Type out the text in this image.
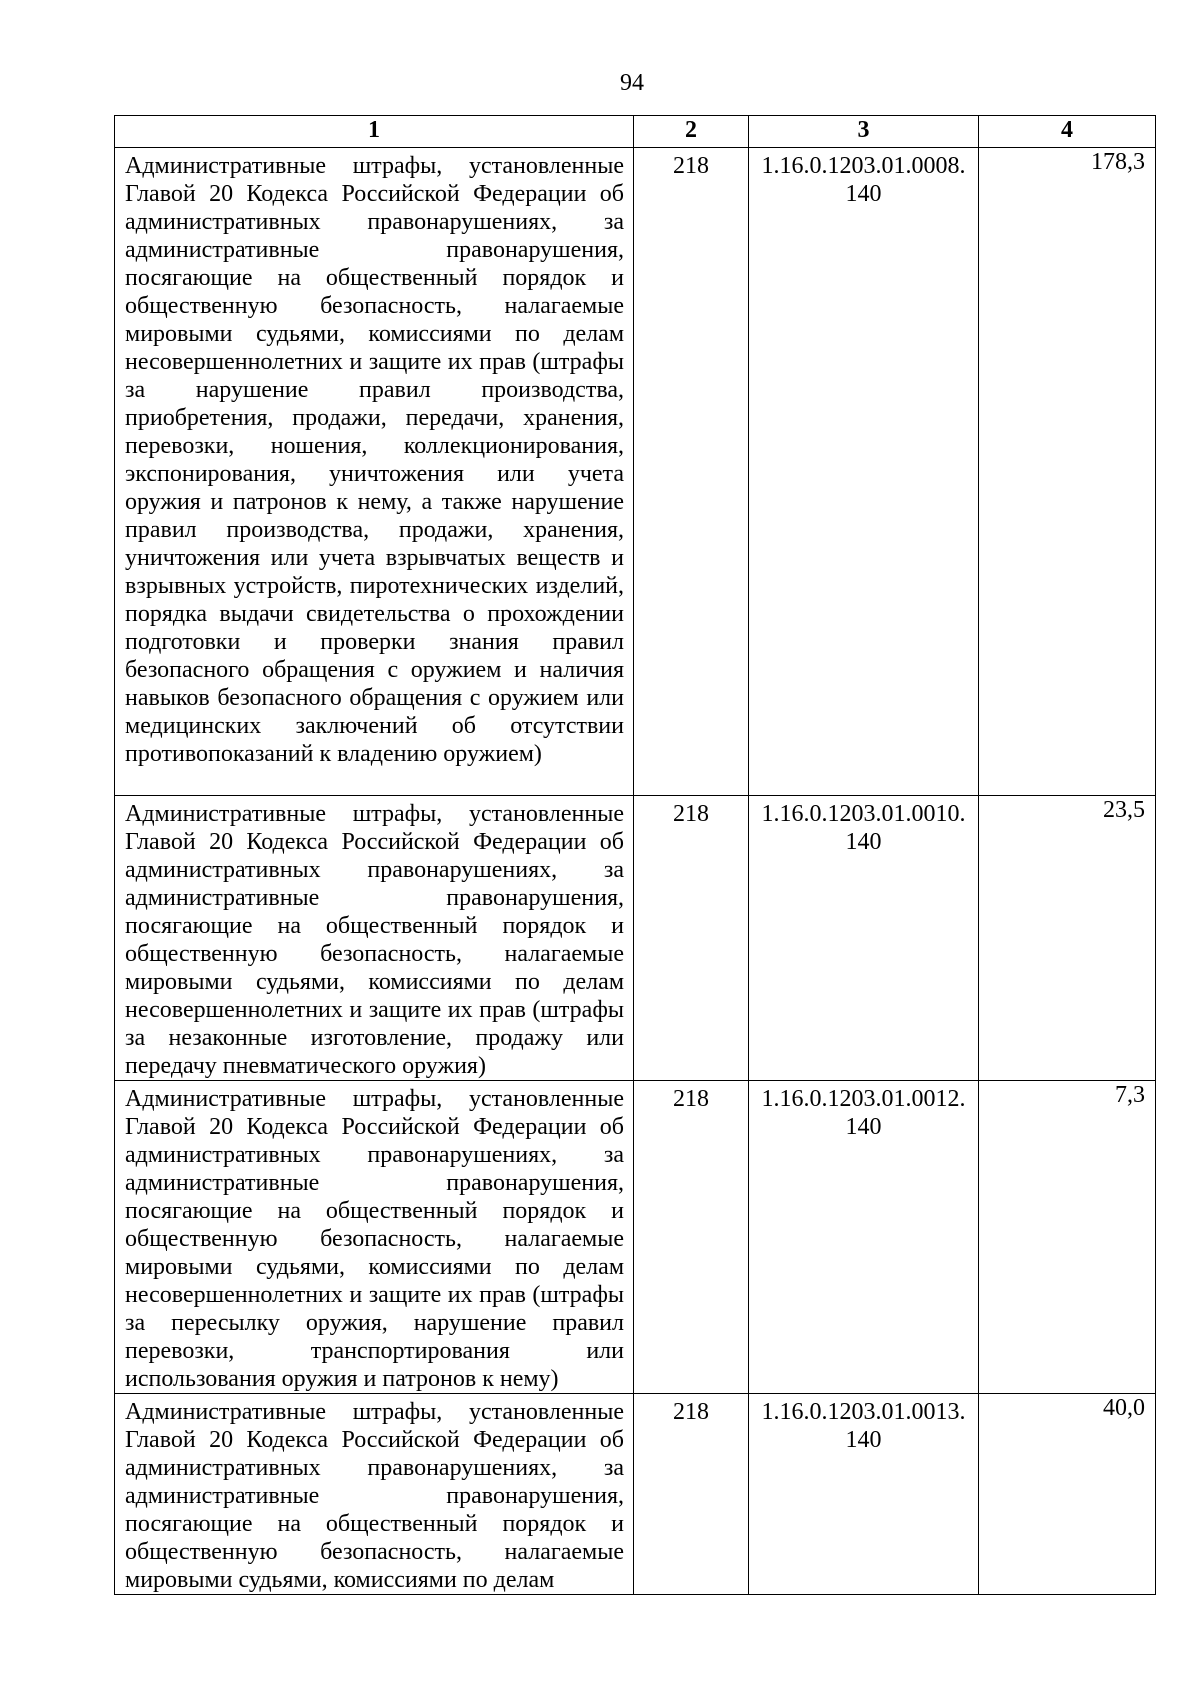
94
1	2	3	4
Административные штрафы, установленные Главой 20 Кодекса Российской Федерации об административных правонарушениях, за административные правонарушения, посягающие на общественный порядок и общественную безопасность, налагаемые мировыми судьями, комиссиями по делам несовершеннолетних и защите их прав (штрафы за нарушение правил производства, приобретения, продажи, передачи, хранения, перевозки, ношения, коллекционирования, экспонирования, уничтожения или учета оружия и патронов к нему, а также нарушение правил производства, продажи, хранения, уничтожения или учета взрывчатых веществ и взрывных устройств, пиротехнических изделий, порядка выдачи свидетельства о прохождении подготовки и проверки знания правил безопасного обращения с оружием и наличия навыков безопасного обращения с оружием или медицинских заключений об отсутствии противопоказаний к владению оружием)	218	1.16.0.1203.01.0008.
140	178,3
Административные штрафы, установленные Главой 20 Кодекса Российской Федерации об административных правонарушениях, за административные правонарушения, посягающие на общественный порядок и общественную безопасность, налагаемые мировыми судьями, комиссиями по делам несовершеннолетних и защите их прав (штрафы за незаконные изготовление, продажу или передачу пневматического оружия)	218	1.16.0.1203.01.0010.
140	23,5
Административные штрафы, установленные Главой 20 Кодекса Российской Федерации об административных правонарушениях, за административные правонарушения, посягающие на общественный порядок и общественную безопасность, налагаемые мировыми судьями, комиссиями по делам несовершеннолетних и защите их прав (штрафы за пересылку оружия, нарушение правил перевозки, транспортирования или использования оружия и патронов к нему)	218	1.16.0.1203.01.0012.
140	7,3
Административные штрафы, установленные Главой 20 Кодекса Российской Федерации об административных правонарушениях, за административные правонарушения, посягающие на общественный порядок и общественную безопасность, налагаемые мировыми судьями, комиссиями по делам	218	1.16.0.1203.01.0013.
140	40,0
